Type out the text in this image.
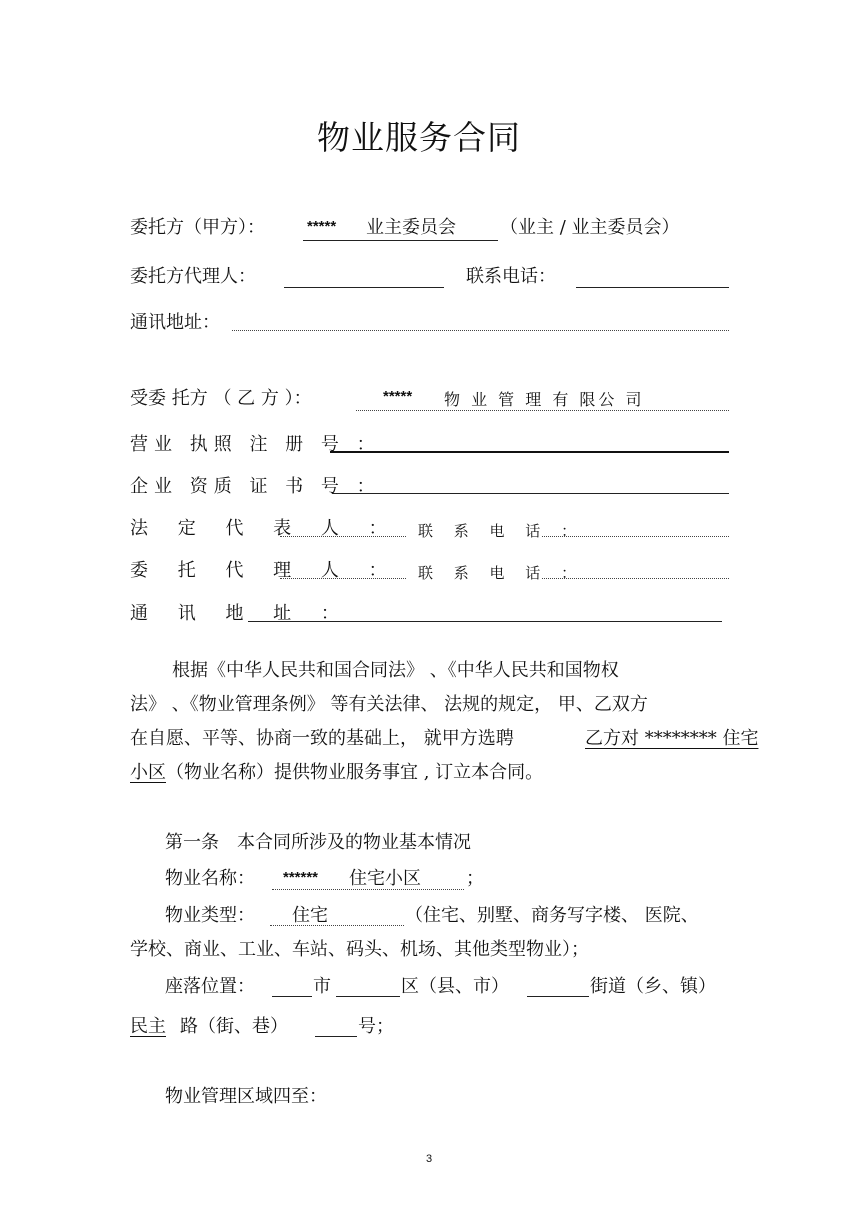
物业服务合同
委托方（甲方）：	***** 业主委员会 （业主 / 业主委员会）
委托方代理人：	联系电话：
通讯地址：
受委 托方 （ 乙 方 ）：	***** 物 业 管 理 有 限公 司
营业 执照 注 册 号 ：
企业 资质 证 书 号 ：
法 定 代 表 人 ： 联 系 电 话 ：
委 托 代 理 人 ： 联 系 电 话 ：
通 讯 地 址 ：
根据《中华人民共和国合同法》 、《中华人民共和国物权
法》 、《物业管理条例》 等有关法律、 法规的规定， 甲、乙双方
在自愿、平等、协商一致的基础上， 就甲方选聘	乙方对 ******** 住宅
小区 （物业名称）提供物业服务事宜 , 订立本合同。
第一条　本合同所涉及的物业基本情况
物业名称： ****** 住宅小区	；
物业类型： 住宅	（住宅、别墅、商务写字楼、 医院、
学校、商业、工业、车站、码头、机场、其他类型物业）；
座落位置：	市	区（县、市）	街道（乡、镇）
民主 路（街、巷）	号；
物业管理区域四至：
3
